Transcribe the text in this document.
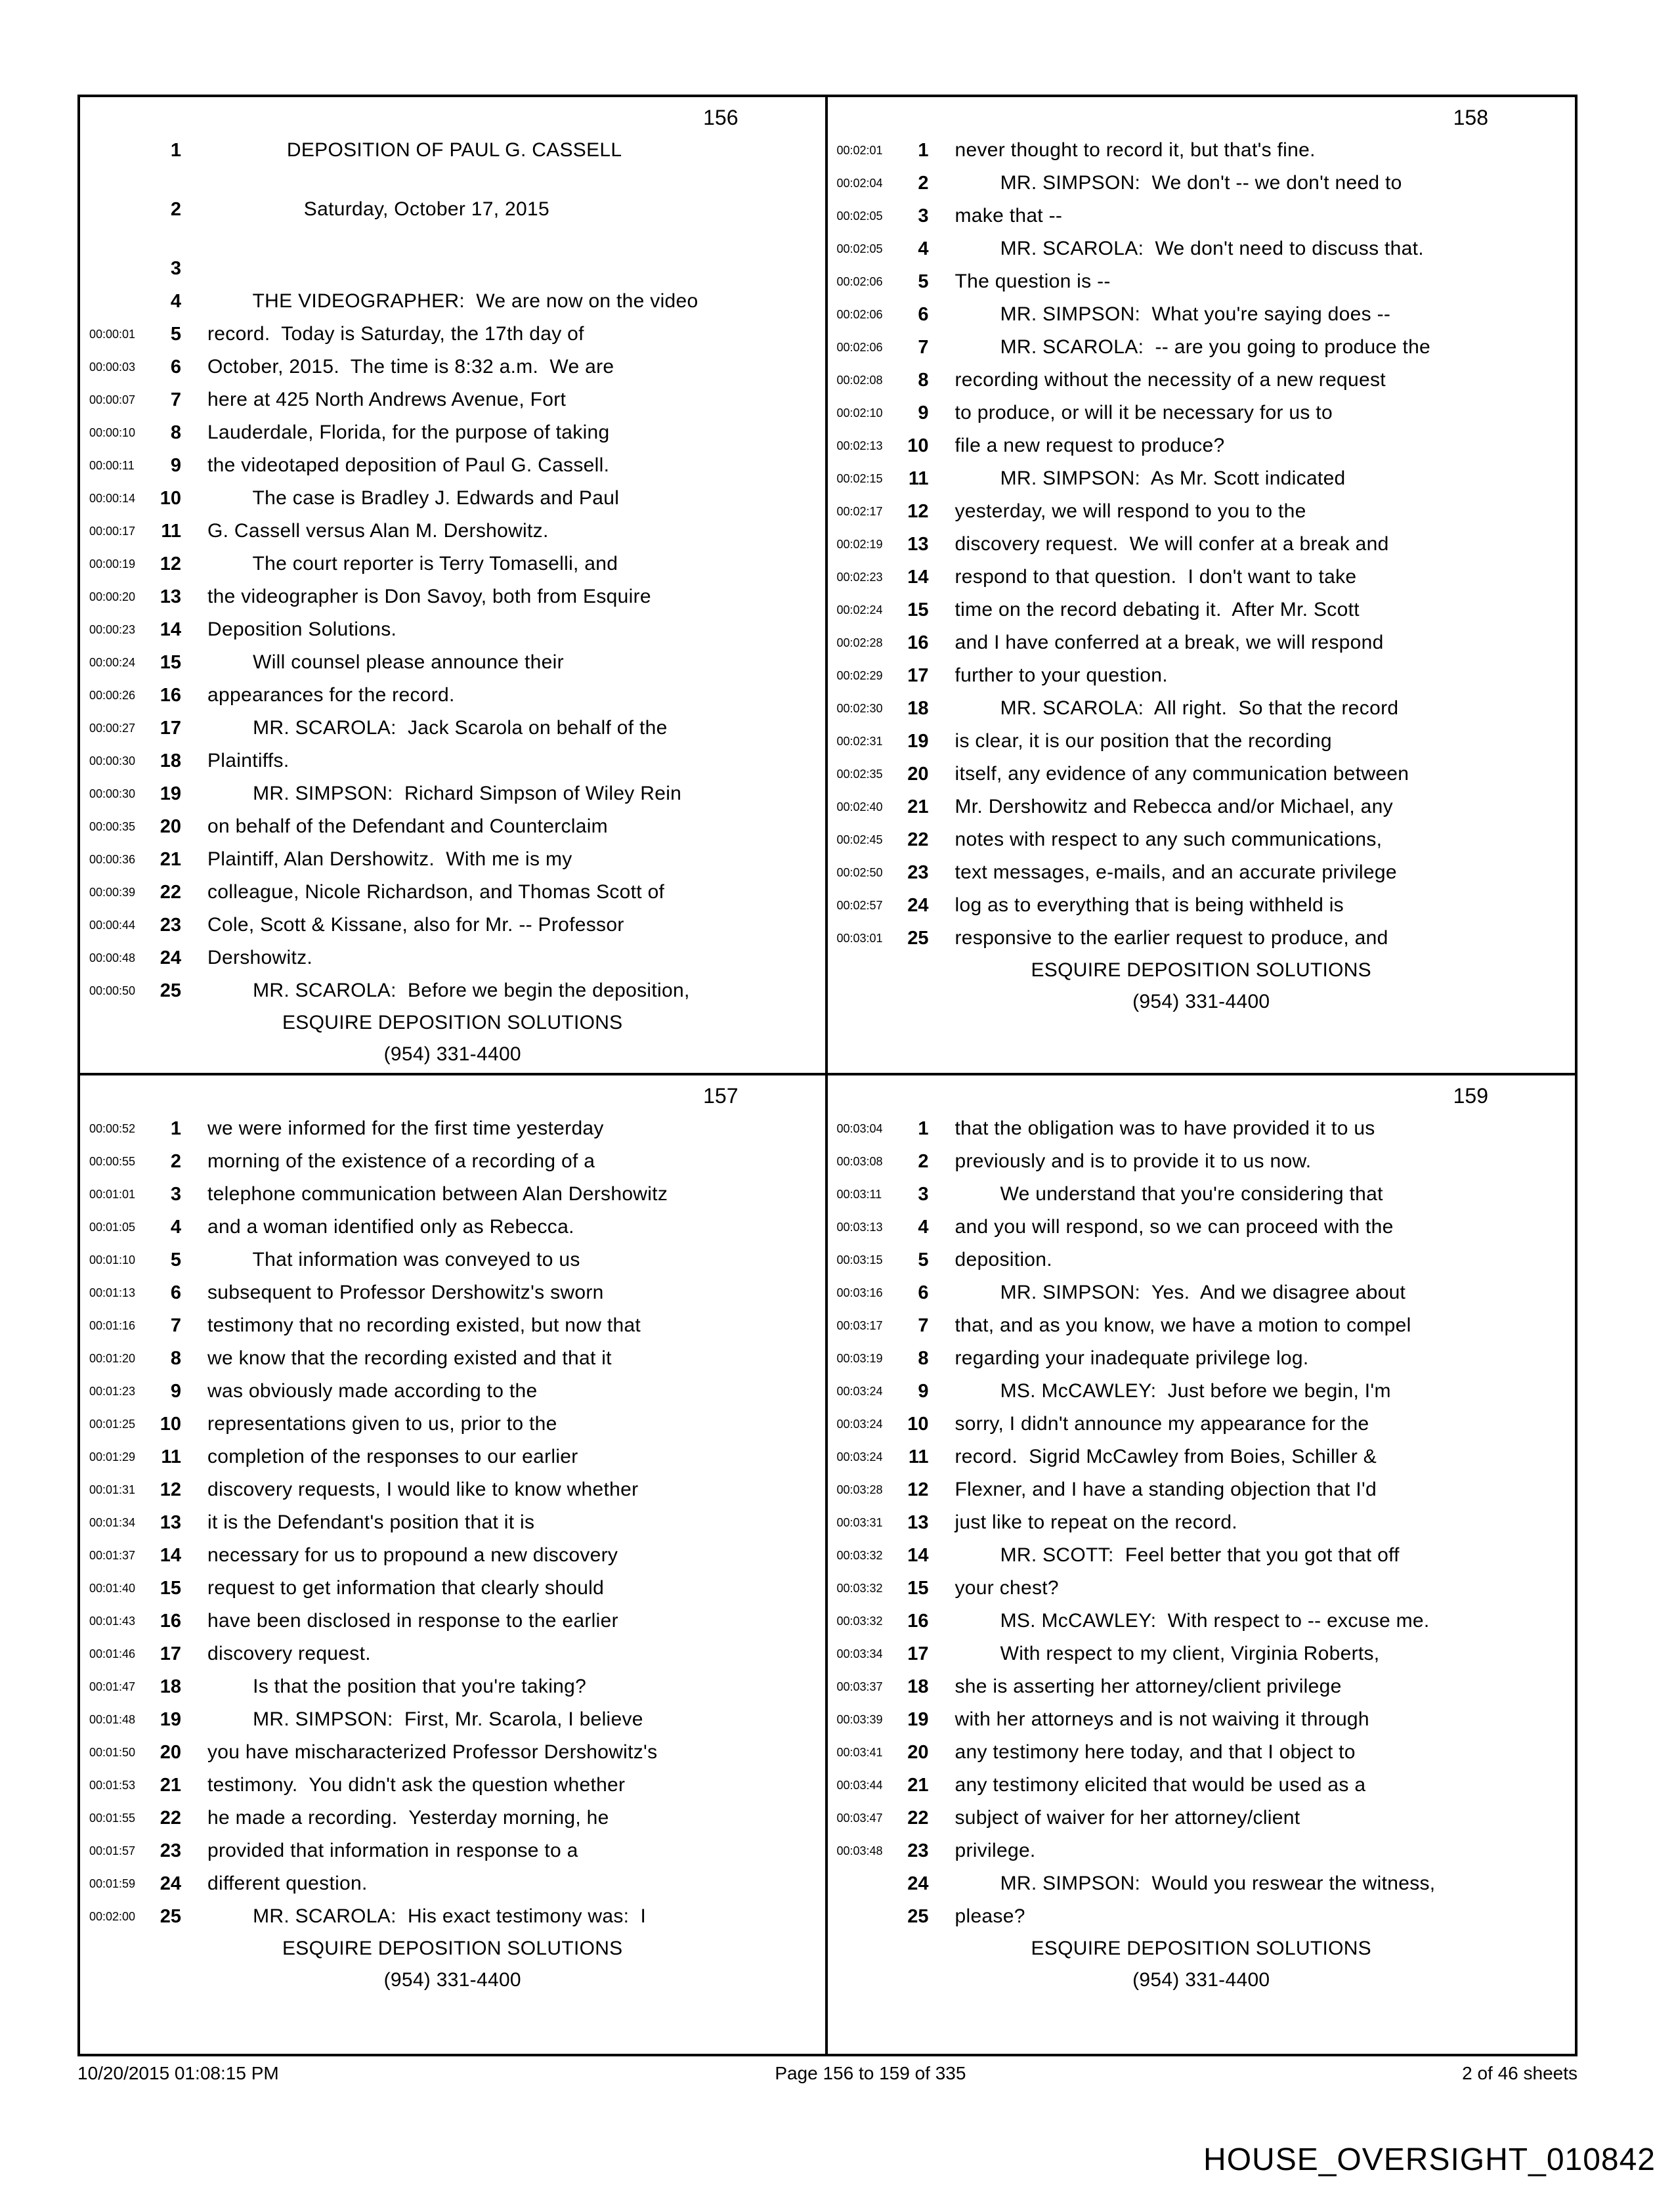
156
1 DEPOSITION OF PAUL G. CASSELL
2 Saturday, October 17, 2015
3
4 THE VIDEOGRAPHER:  We are now on the video
00:00:01	5 record.  Today is Saturday, the 17th day of
00:00:03	6 October, 2015.  The time is 8:32 a.m.  We are
00:00:07	7 here at 425 North Andrews Avenue, Fort
00:00:10	8 Lauderdale, Florida, for the purpose of taking
00:00:11	9 the videotaped deposition of Paul G. Cassell.
00:00:14	10 The case is Bradley J. Edwards and Paul
00:00:17	11 G. Cassell versus Alan M. Dershowitz.
00:00:19	12 The court reporter is Terry Tomaselli, and
00:00:20	13 the videographer is Don Savoy, both from Esquire
00:00:23	14 Deposition Solutions.
00:00:24	15 Will counsel please announce their
00:00:26	16 appearances for the record.
00:00:27	17 MR. SCAROLA:  Jack Scarola on behalf of the
00:00:30	18 Plaintiffs.
00:00:30	19 MR. SIMPSON:  Richard Simpson of Wiley Rein
00:00:35	20 on behalf of the Defendant and Counterclaim
00:00:36	21 Plaintiff, Alan Dershowitz.  With me is my
00:00:39	22 colleague, Nicole Richardson, and Thomas Scott of
00:00:44	23 Cole, Scott & Kissane, also for Mr. -- Professor
00:00:48	24 Dershowitz.
00:00:50	25 MR. SCAROLA:  Before we begin the deposition,
ESQUIRE DEPOSITION SOLUTIONS
(954) 331-4400
158
00:02:01	1 never thought to record it, but that's fine.
00:02:04	2 MR. SIMPSON:  We don't -- we don't need to
00:02:05	3 make that --
00:02:05	4 MR. SCAROLA:  We don't need to discuss that.
00:02:06	5 The question is --
00:02:06	6 MR. SIMPSON:  What you're saying does --
00:02:06	7 MR. SCAROLA:  -- are you going to produce the
00:02:08	8 recording without the necessity of a new request
00:02:10	9 to produce, or will it be necessary for us to
00:02:13	10 file a new request to produce?
00:02:15	11 MR. SIMPSON:  As Mr. Scott indicated
00:02:17	12 yesterday, we will respond to you to the
00:02:19	13 discovery request.  We will confer at a break and
00:02:23	14 respond to that question.  I don't want to take
00:02:24	15 time on the record debating it.  After Mr. Scott
00:02:28	16 and I have conferred at a break, we will respond
00:02:29	17 further to your question.
00:02:30	18 MR. SCAROLA:  All right.  So that the record
00:02:31	19 is clear, it is our position that the recording
00:02:35	20 itself, any evidence of any communication between
00:02:40	21 Mr. Dershowitz and Rebecca and/or Michael, any
00:02:45	22 notes with respect to any such communications,
00:02:50	23 text messages, e-mails, and an accurate privilege
00:02:57	24 log as to everything that is being withheld is
00:03:01	25 responsive to the earlier request to produce, and
ESQUIRE DEPOSITION SOLUTIONS
(954) 331-4400
157
00:00:52	1 we were informed for the first time yesterday
00:00:55	2 morning of the existence of a recording of a
00:01:01	3 telephone communication between Alan Dershowitz
00:01:05	4 and a woman identified only as Rebecca.
00:01:10	5 That information was conveyed to us
00:01:13	6 subsequent to Professor Dershowitz's sworn
00:01:16	7 testimony that no recording existed, but now that
00:01:20	8 we know that the recording existed and that it
00:01:23	9 was obviously made according to the
00:01:25	10 representations given to us, prior to the
00:01:29	11 completion of the responses to our earlier
00:01:31	12 discovery requests, I would like to know whether
00:01:34	13 it is the Defendant's position that it is
00:01:37	14 necessary for us to propound a new discovery
00:01:40	15 request to get information that clearly should
00:01:43	16 have been disclosed in response to the earlier
00:01:46	17 discovery request.
00:01:47	18 Is that the position that you're taking?
00:01:48	19 MR. SIMPSON:  First, Mr. Scarola, I believe
00:01:50	20 you have mischaracterized Professor Dershowitz's
00:01:53	21 testimony.  You didn't ask the question whether
00:01:55	22 he made a recording.  Yesterday morning, he
00:01:57	23 provided that information in response to a
00:01:59	24 different question.
00:02:00	25 MR. SCAROLA:  His exact testimony was:  I
ESQUIRE DEPOSITION SOLUTIONS
(954) 331-4400
159
00:03:04	1 that the obligation was to have provided it to us
00:03:08	2 previously and is to provide it to us now.
00:03:11	3 We understand that you're considering that
00:03:13	4 and you will respond, so we can proceed with the
00:03:15	5 deposition.
00:03:16	6 MR. SIMPSON:  Yes.  And we disagree about
00:03:17	7 that, and as you know, we have a motion to compel
00:03:19	8 regarding your inadequate privilege log.
00:03:24	9 MS. McCAWLEY:  Just before we begin, I'm
00:03:24	10 sorry, I didn't announce my appearance for the
00:03:24	11 record.  Sigrid McCawley from Boies, Schiller &
00:03:28	12 Flexner, and I have a standing objection that I'd
00:03:31	13 just like to repeat on the record.
00:03:32	14 MR. SCOTT:  Feel better that you got that off
00:03:32	15 your chest?
00:03:32	16 MS. McCAWLEY:  With respect to -- excuse me.
00:03:34	17 With respect to my client, Virginia Roberts,
00:03:37	18 she is asserting her attorney/client privilege
00:03:39	19 with her attorneys and is not waiving it through
00:03:41	20 any testimony here today, and that I object to
00:03:44	21 any testimony elicited that would be used as a
00:03:47	22 subject of waiver for her attorney/client
00:03:48	23 privilege.
24 MR. SIMPSON:  Would you reswear the witness,
25 please?
ESQUIRE DEPOSITION SOLUTIONS
(954) 331-4400
10/20/2015 01:08:15 PM	Page 156 to 159 of 335	2 of 46 sheets
HOUSE_OVERSIGHT_010842
